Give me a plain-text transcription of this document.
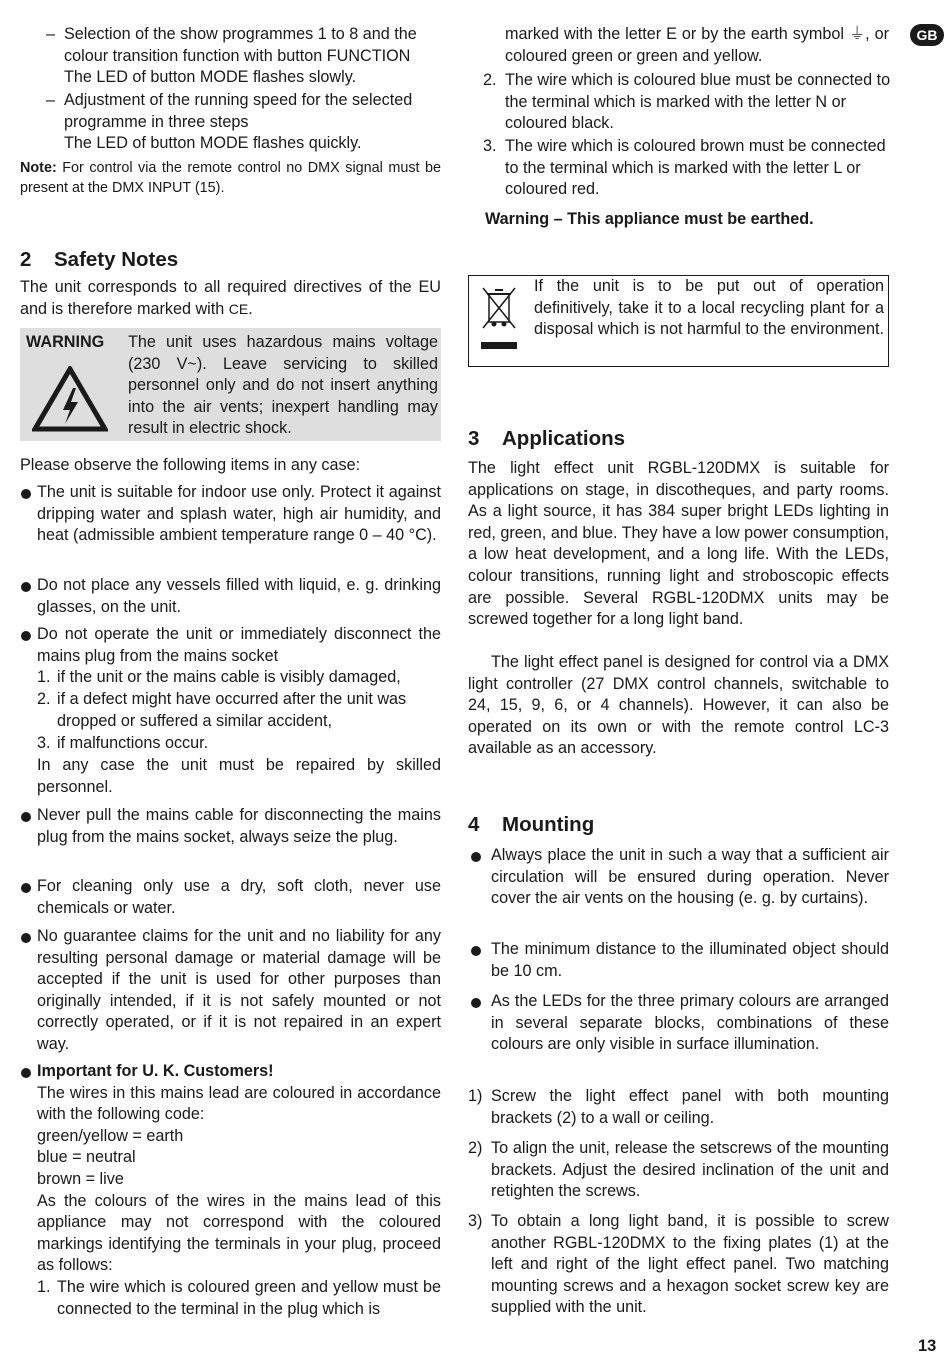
GB
– Selection of the show programmes 1 to 8 and the
colour transition function with button FUNCTION
The LED of button MODE flashes slowly.
– Adjustment of the running speed for the selected
programme in three steps
The LED of button MODE flashes quickly.

Note: For control via the remote control no DMX signal must be present at the DMX INPUT (15).

2 Safety Notes

The unit corresponds to all required directives of the EU and is therefore marked with CE.

WARNING The unit uses hazardous mains voltage (230 V~). Leave servicing to skilled personnel only and do not insert anything into the air vents; inexpert handling may result in electric shock.

Please observe the following items in any case:

The unit is suitable for indoor use only. Protect it against dripping water and splash water, high air humidity, and heat (admissible ambient temperature range 0 – 40 °C).
Do not place any vessels filled with liquid, e. g. drinking glasses, on the unit.
Do not operate the unit or immediately disconnect the mains plug from the mains socket
1. if the unit or the mains cable is visibly damaged,
2. if a defect might have occurred after the unit was dropped or suffered a similar accident,
3. if malfunctions occur.

In any case the unit must be repaired by skilled personnel.

Never pull the mains cable for disconnecting the mains plug from the mains socket, always seize the plug.
For cleaning only use a dry, soft cloth, never use chemicals or water.
No guarantee claims for the unit and no liability for any resulting personal damage or material damage will be accepted if the unit is used for other purposes than originally intended, if it is not safely mounted or not correctly operated, or if it is not repaired in an expert way.
Important for U. K. Customers!
The wires in this mains lead are coloured in accordance with the following code:
green/yellow = earth
blue = neutral
brown = live
As the colours of the wires in the mains lead of this appliance may not correspond with the coloured markings identifying the terminals in your plug, proceed as follows:
1. The wire which is coloured green and yellow must be connected to the terminal in the plug which is

marked with the letter E or by the earth symbol ⏚, or coloured green or green and yellow.

2. The wire which is coloured blue must be connected to the terminal which is marked with the letter N or coloured black.
3. The wire which is coloured brown must be connected to the terminal which is marked with the letter L or coloured red.

Warning – This appliance must be earthed.

If the unit is to be put out of operation definitively, take it to a local recycling plant for a disposal which is not harmful to the environment.
3 Applications

The light effect unit RGBL-120DMX is suitable for applications on stage, in discotheques, and party rooms. As a light source, it has 384 super bright LEDs lighting in red, green, and blue. They have a low power consumption, a low heat development, and a long life. With the LEDs, colour transitions, running light and stroboscopic effects are possible. Several RGBL-120DMX units may be screwed together for a long light band.

The light effect panel is designed for control via a DMX light controller (27 DMX control channels, switchable to 24, 15, 9, 6, or 4 channels). However, it can also be operated on its own or with the remote control LC-3 available as an accessory.

4 Mounting
Always place the unit in such a way that a sufficient air circulation will be ensured during operation. Never cover the air vents on the housing (e. g. by curtains).
The minimum distance to the illuminated object should be 10 cm.
As the LEDs for the three primary colours are arranged in several separate blocks, combinations of these colours are only visible in surface illumination.
1) Screw the light effect panel with both mounting brackets (2) to a wall or ceiling.
2) To align the unit, release the setscrews of the mounting brackets. Adjust the desired inclination of the unit and retighten the screws.
3) To obtain a long light band, it is possible to screw another RGBL-120DMX to the fixing plates (1) at the left and right of the light effect panel. Two matching mounting screws and a hexagon socket screw key are supplied with the unit.
13
